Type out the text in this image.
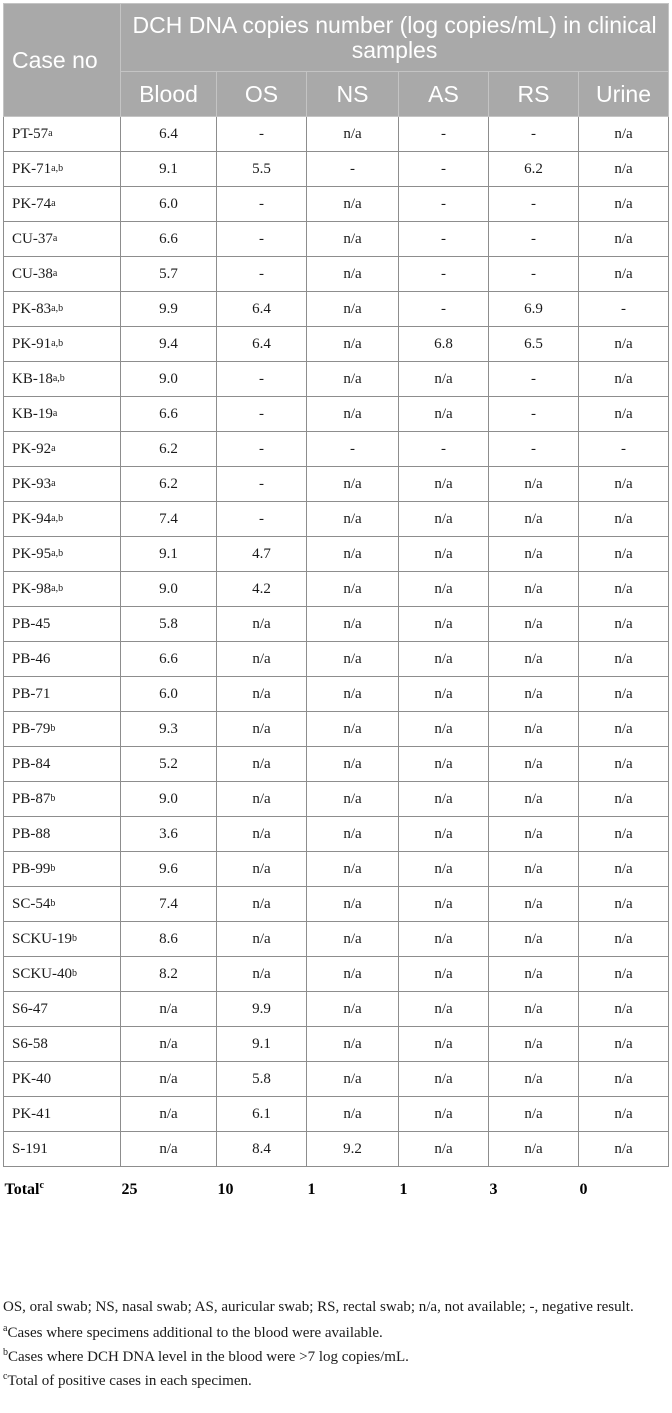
Case no	DCH DNA copies number (log copies/mL) in clinical samples					
	Blood	OS	NS	AS	RS	Urine
PT-57$^a$	6.4	-	n/a	-	-	n/a
PK-71$^{a,b}$	9.1	5.5	-	-	6.2	n/a
PK-74$^a$	6.0	-	n/a	-	-	n/a
CU-37$^a$	6.6	-	n/a	-	-	n/a
CU-38$^a$	5.7	-	n/a	-	-	n/a
PK-83$^{a,b}$	9.9	6.4	n/a	-	6.9	-
PK-91$^{a,b}$	9.4	6.4	n/a	6.8	6.5	n/a
KB-18$^{a,b}$	9.0	-	n/a	n/a	-	n/a
KB-19$^a$	6.6	-	n/a	n/a	-	n/a
PK-92$^a$	6.2	-	-	-	-	-
PK-93$^a$	6.2	-	n/a	n/a	n/a	n/a
PK-94$^{a,b}$	7.4	-	n/a	n/a	n/a	n/a
PK-95$^{a,b}$	9.1	4.7	n/a	n/a	n/a	n/a
PK-98$^{a,b}$	9.0	4.2	n/a	n/a	n/a	n/a
PB-45	5.8	n/a	n/a	n/a	n/a	n/a
PB-46	6.6	n/a	n/a	n/a	n/a	n/a
PB-71	6.0	n/a	n/a	n/a	n/a	n/a
PB-79$^b$	9.3	n/a	n/a	n/a	n/a	n/a
PB-84	5.2	n/a	n/a	n/a	n/a	n/a
PB-87$^b$	9.0	n/a	n/a	n/a	n/a	n/a
PB-88	3.6	n/a	n/a	n/a	n/a	n/a
PB-99$^b$	9.6	n/a	n/a	n/a	n/a	n/a
SC-54$^b$	7.4	n/a	n/a	n/a	n/a	n/a
SCKU-19$^b$	8.6	n/a	n/a	n/a	n/a	n/a
SCKU-40$^b$	8.2	n/a	n/a	n/a	n/a	n/a
S6-47	n/a	9.9	n/a	n/a	n/a	n/a
S6-58	n/a	9.1	n/a	n/a	n/a	n/a
PK-40	n/a	5.8	n/a	n/a	n/a	n/a
PK-41	n/a	6.1	n/a	n/a	n/a	n/a
S-191	n/a	8.4	9.2	n/a	n/a	n/a
Total$^c$	25	10	1	1	3	0

OS, oral swab; NS, nasal swab; AS, auricular swab; RS, rectal swab; n/a, not available; -, negative result.

$^a$Cases where specimens additional to the blood were available.

$^b$Cases where DCH DNA level in the blood were >7 log copies/mL.

$^c$Total of positive cases in each specimen.
